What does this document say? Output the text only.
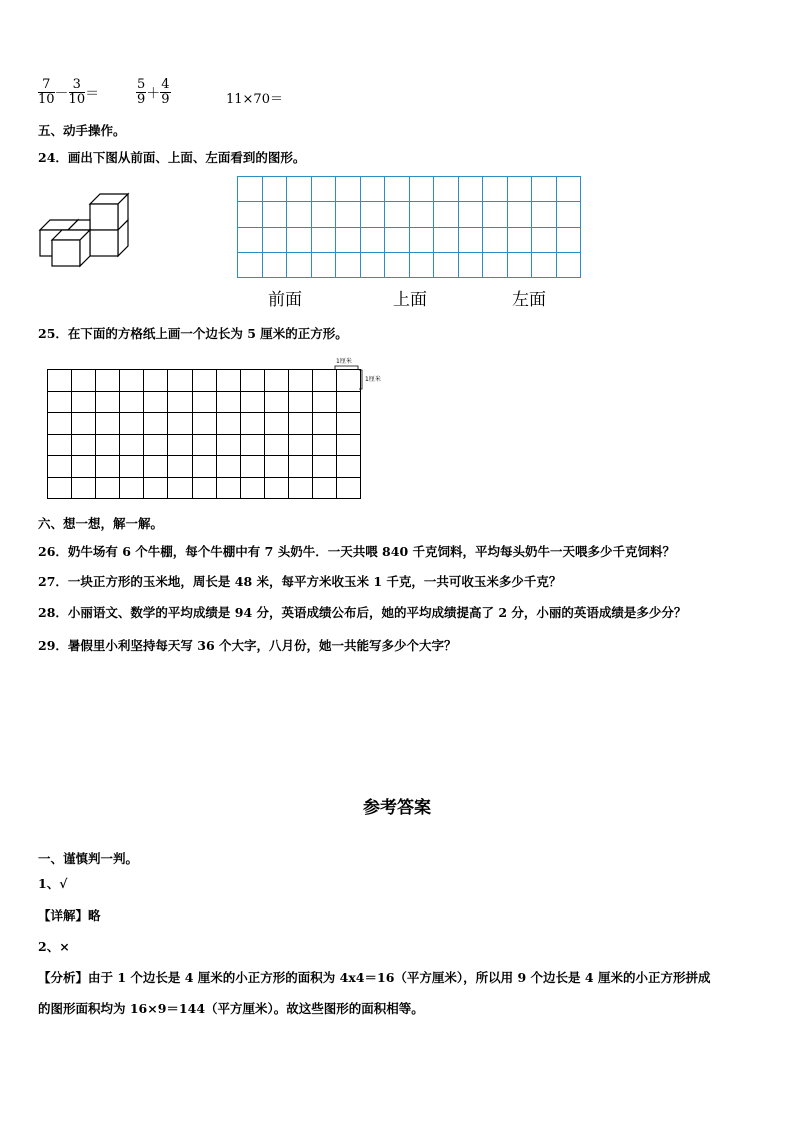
$\frac{7}{10} - \frac{3}{10}$ ＝	$\frac{5}{9} + \frac{4}{9}$	11×70＝
五、动手操作。
24．画出下图从前面、上面、左面看到的图形。
前面	上面	左面
25．在下面的方格纸上画一个边长为 5 厘米的正方形。
1厘米
1厘米
六、想一想，解一解。
26．奶牛场有 6 个牛棚，每个牛棚中有 7 头奶牛．一天共喂 840 千克饲料，平均每头奶牛一天喂多少千克饲料？
27．一块正方形的玉米地，周长是 48 米，每平方米收玉米 1 千克，一共可收玉米多少千克？
28．小丽语文、数学的平均成绩是 94 分，英语成绩公布后，她的平均成绩提高了 2 分，小丽的英语成绩是多少分？
29．暑假里小利坚持每天写 36 个大字，八月份，她一共能写多少个大字？
参考答案
一、谨慎判一判。
1、√
【详解】略
2、×
【分析】由于 1 个边长是 4 厘米的小正方形的面积为 4x4＝16（平方厘米），所以用 9 个边长是 4 厘米的小正方形拼成
的图形面积均为 16×9＝144（平方厘米）。故这些图形的面积相等。
